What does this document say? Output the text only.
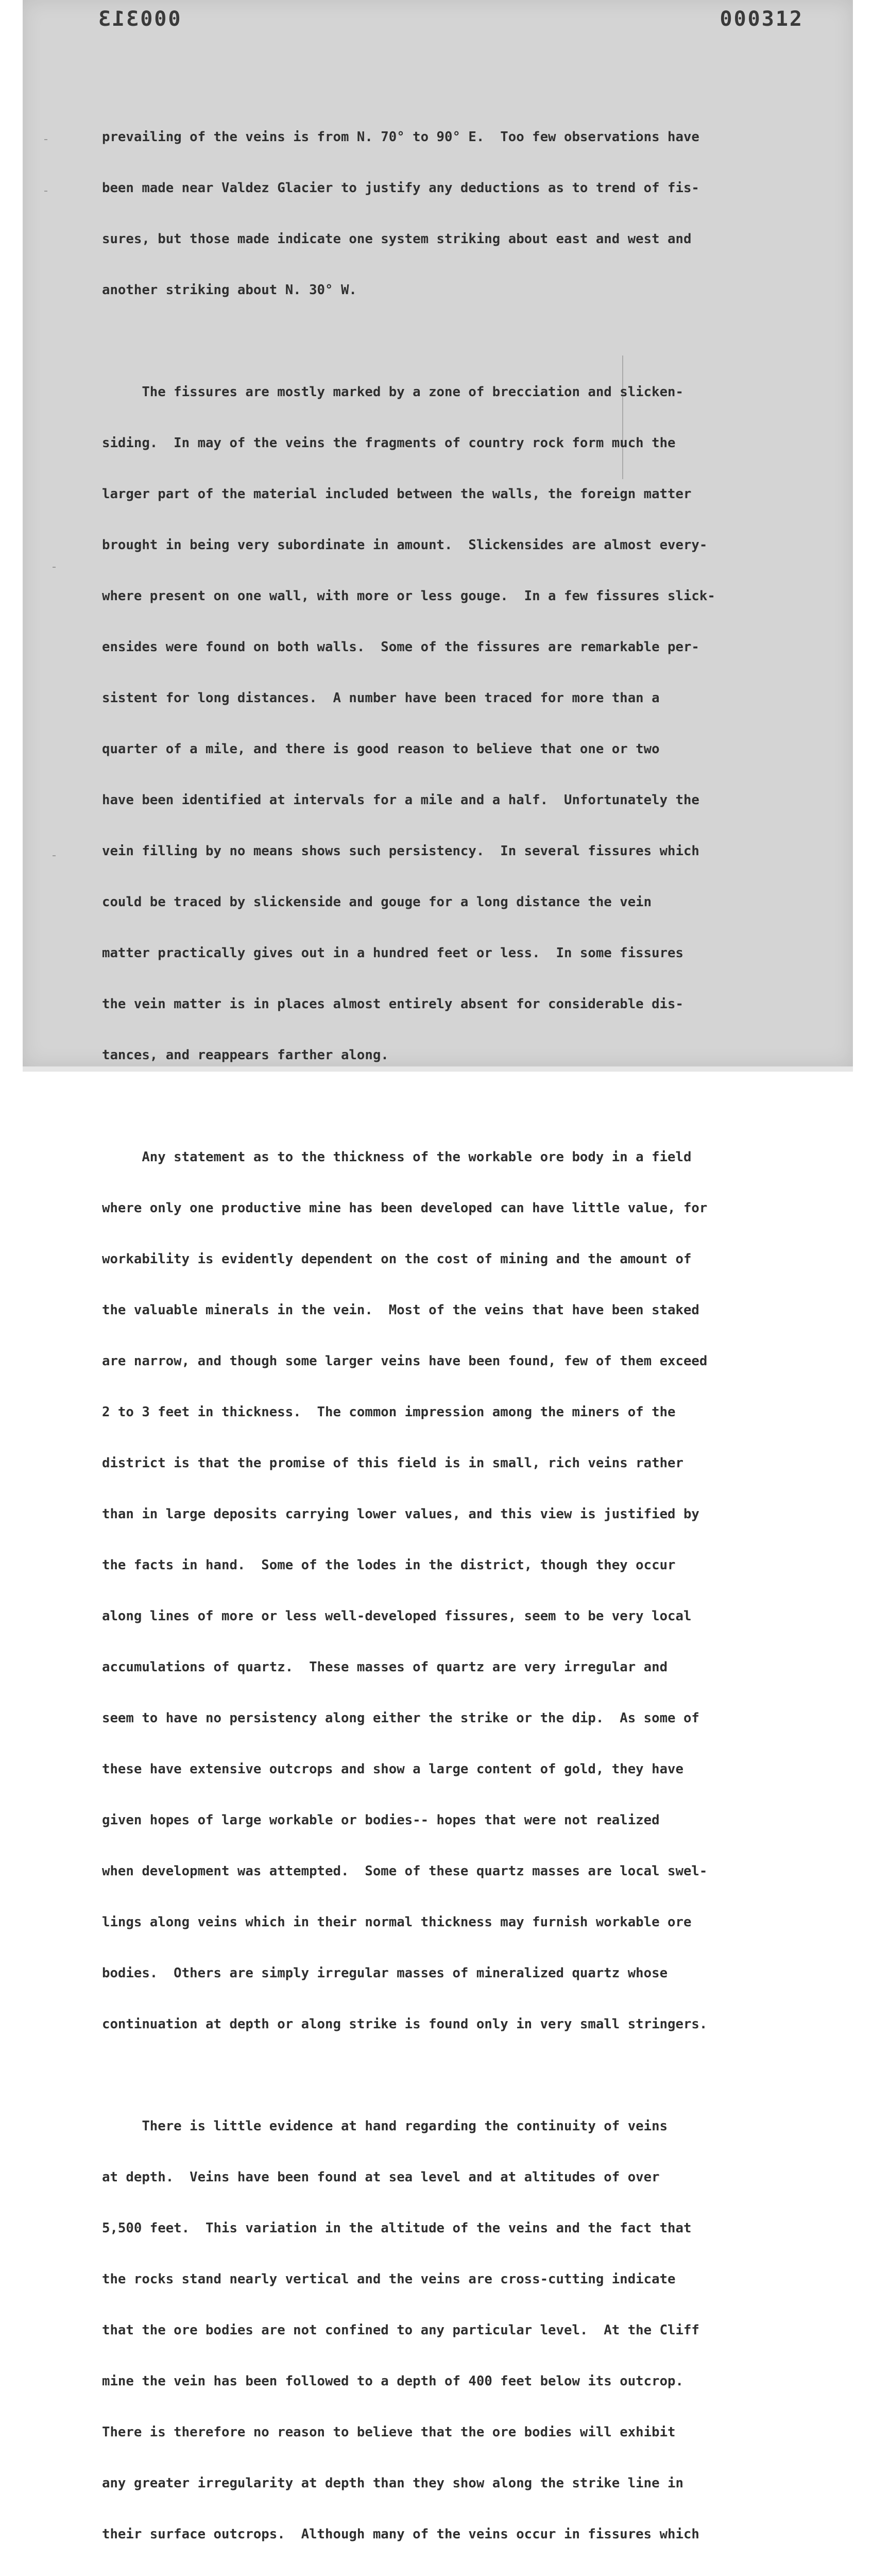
000313	000312

prevailing of the veins is from N. 70° to 90° E.  Too few observations have

been made near Valdez Glacier to justify any deductions as to trend of fis-

sures, but those made indicate one system striking about east and west and

another striking about N. 30° W.

The fissures are mostly marked by a zone of brecciation and slicken-

siding.  In may of the veins the fragments of country rock form much the

larger part of the material included between the walls, the foreign matter

brought in being very subordinate in amount.  Slickensides are almost every-

where present on one wall, with more or less gouge.  In a few fissures slick-

ensides were found on both walls.  Some of the fissures are remarkable per-

sistent for long distances.  A number have been traced for more than a

quarter of a mile, and there is good reason to believe that one or two

have been identified at intervals for a mile and a half.  Unfortunately the

vein filling by no means shows such persistency.  In several fissures which

could be traced by slickenside and gouge for a long distance the vein

matter practically gives out in a hundred feet or less.  In some fissures

the vein matter is in places almost entirely absent for considerable dis-

tances, and reappears farther along.

Any statement as to the thickness of the workable ore body in a field

where only one productive mine has been developed can have little value, for

workability is evidently dependent on the cost of mining and the amount of

the valuable minerals in the vein.  Most of the veins that have been staked

are narrow, and though some larger veins have been found, few of them exceed

2 to 3 feet in thickness.  The common impression among the miners of the

district is that the promise of this field is in small, rich veins rather

than in large deposits carrying lower values, and this view is justified by

the facts in hand.  Some of the lodes in the district, though they occur

along lines of more or less well-developed fissures, seem to be very local

accumulations of quartz.  These masses of quartz are very irregular and

seem to have no persistency along either the strike or the dip.  As some of

these have extensive outcrops and show a large content of gold, they have

given hopes of large workable or bodies-- hopes that were not realized

when development was attempted.  Some of these quartz masses are local swel-

lings along veins which in their normal thickness may furnish workable ore

bodies.  Others are simply irregular masses of mineralized quartz whose

continuation at depth or along strike is found only in very small stringers.

There is little evidence at hand regarding the continuity of veins

at depth.  Veins have been found at sea level and at altitudes of over

5,500 feet.  This variation in the altitude of the veins and the fact that

the rocks stand nearly vertical and the veins are cross-cutting indicate

that the ore bodies are not confined to any particular level.  At the Cliff

mine the vein has been followed to a depth of 400 feet below its outcrop.

There is therefore no reason to believe that the ore bodies will exhibit

any greater irregularity at depth than they show along the strike line in

their surface outcrops.  Although many of the veins occur in fissures which
